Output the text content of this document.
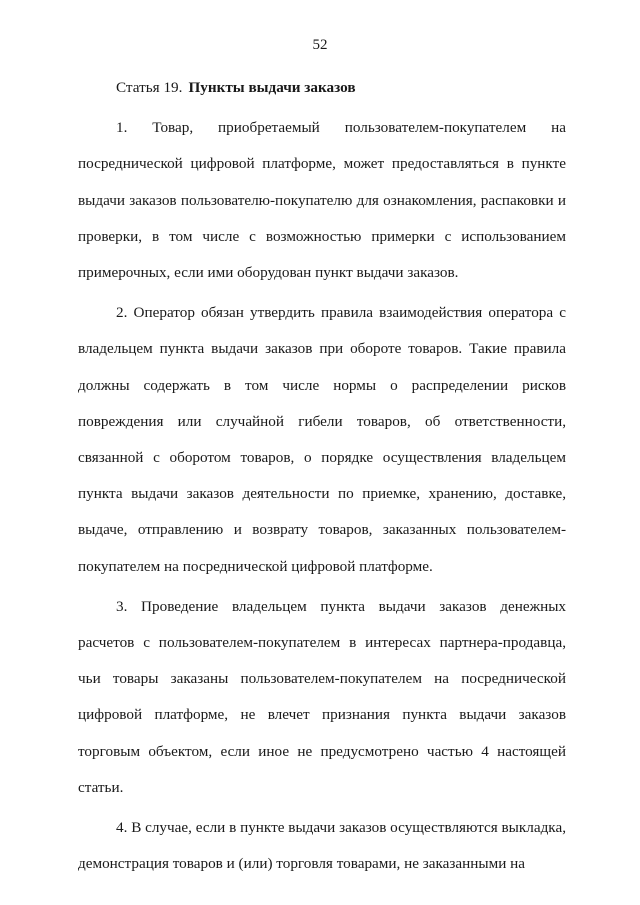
52

Статья 19. Пункты выдачи заказов

1. Товар, приобретаемый пользователем-покупателем на посреднической цифровой платформе, может предоставляться в пункте выдачи заказов пользователю-покупателю для ознакомления, распаковки и проверки, в том числе с возможностью примерки с использованием примерочных, если ими оборудован пункт выдачи заказов.

2. Оператор обязан утвердить правила взаимодействия оператора с владельцем пункта выдачи заказов при обороте товаров. Такие правила должны содержать в том числе нормы о распределении рисков повреждения или случайной гибели товаров, об ответственности, связанной с оборотом товаров, о порядке осуществления владельцем пункта выдачи заказов деятельности по приемке, хранению, доставке, выдаче, отправлению и возврату товаров, заказанных пользователем-покупателем на посреднической цифровой платформе.

3. Проведение владельцем пункта выдачи заказов денежных расчетов с пользователем-покупателем в интересах партнера-продавца, чьи товары заказаны пользователем-покупателем на посреднической цифровой платформе, не влечет признания пункта выдачи заказов торговым объектом, если иное не предусмотрено частью 4 настоящей статьи.

4. В случае, если в пункте выдачи заказов осуществляются выкладка, демонстрация товаров и (или) торговля товарами, не заказанными на
